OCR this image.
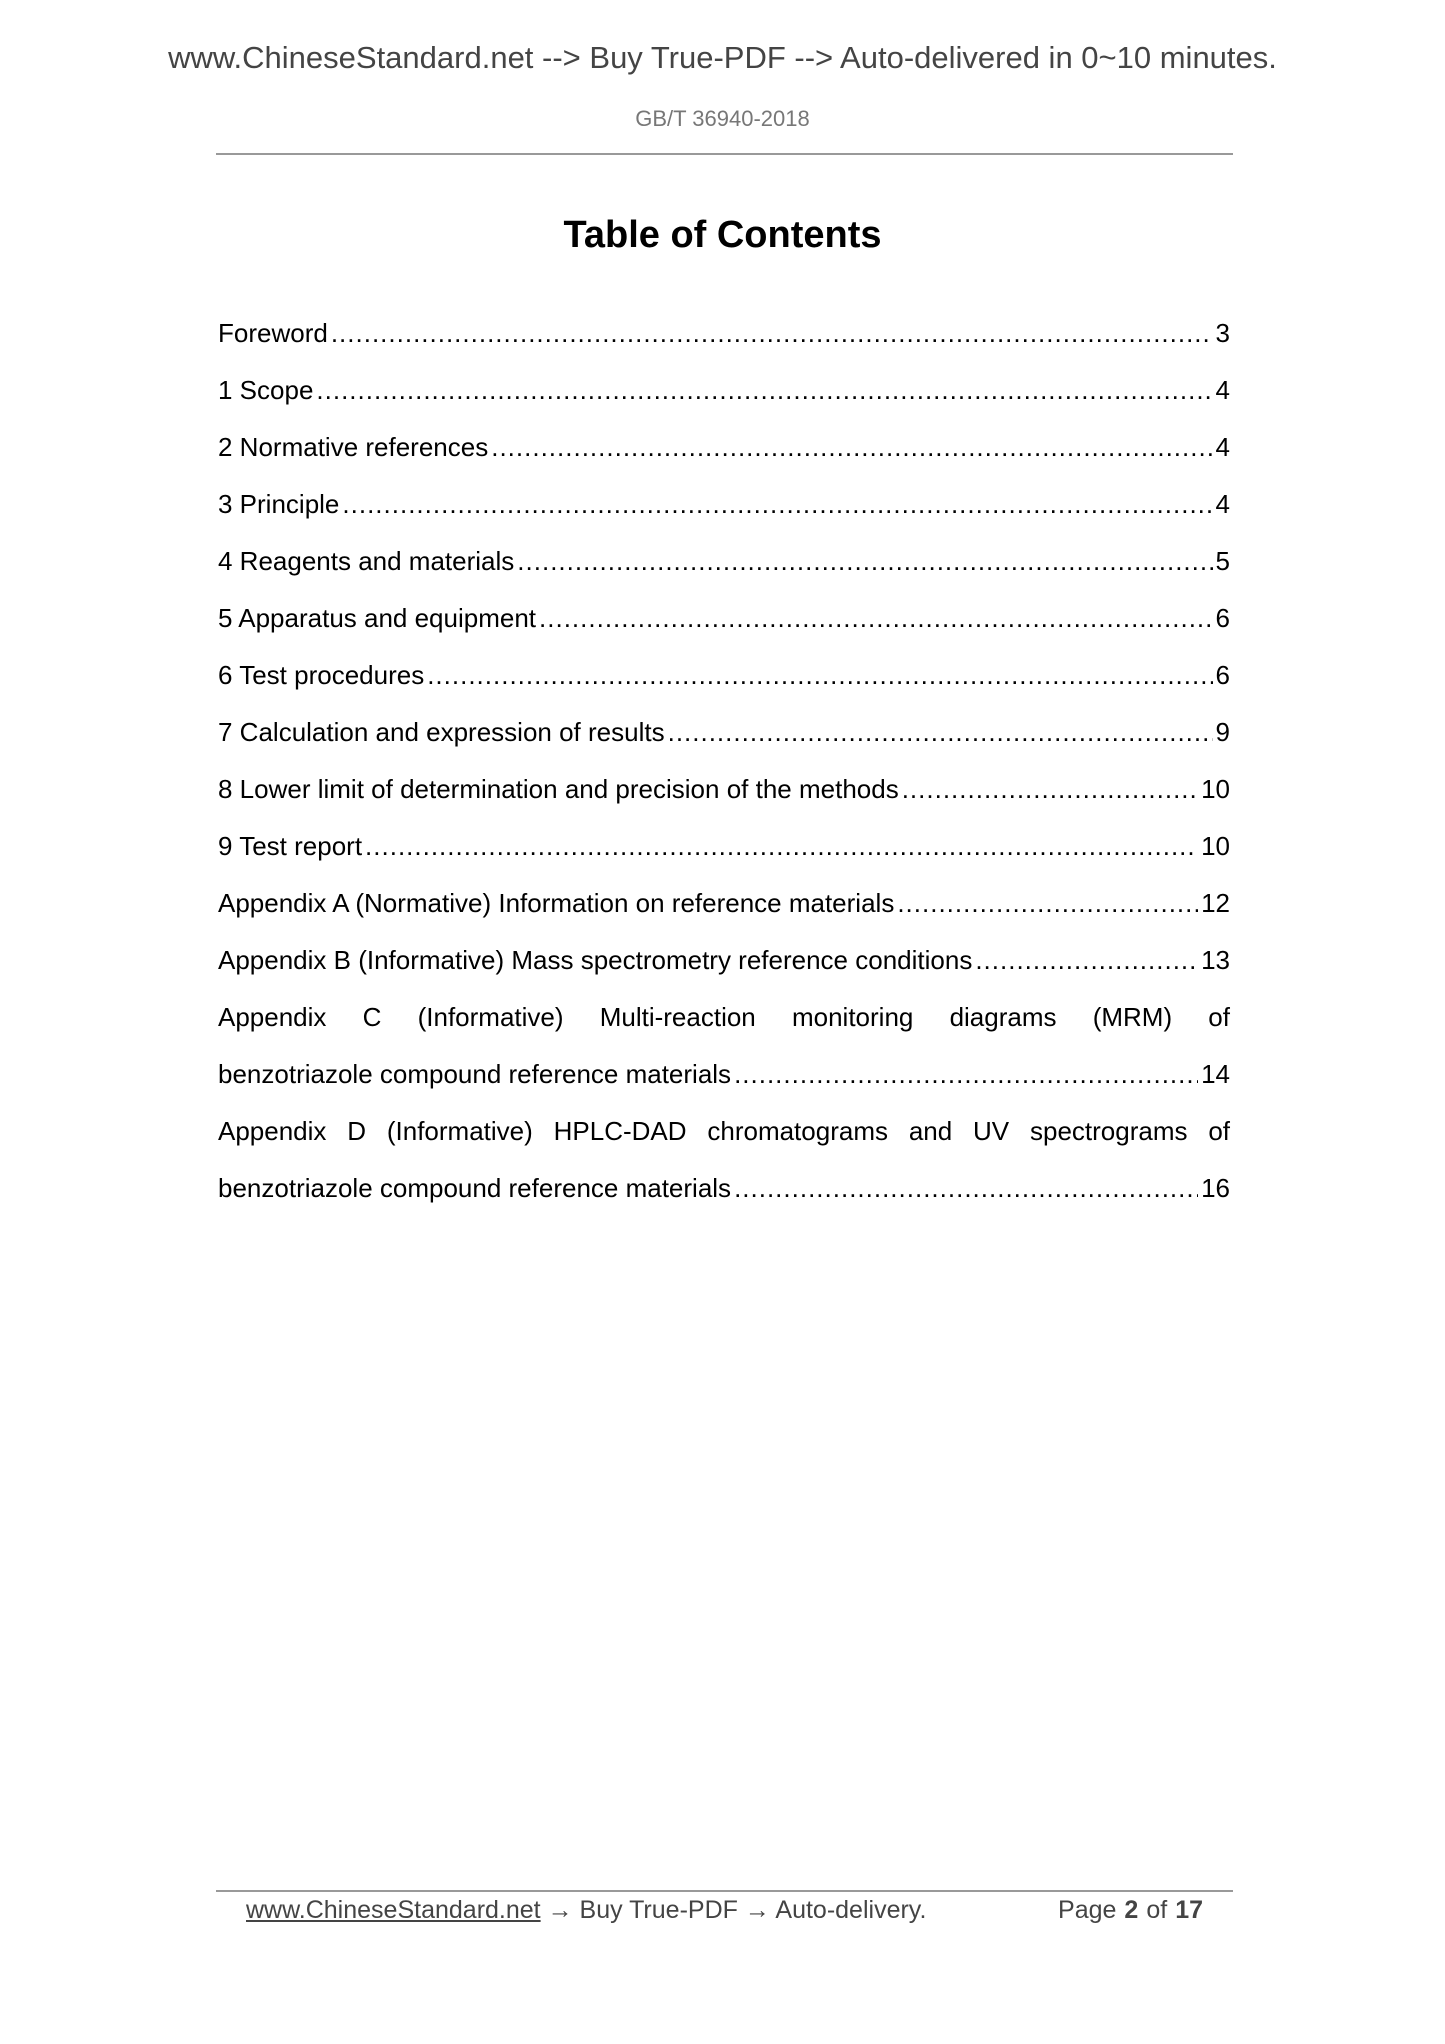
www.ChineseStandard.net --> Buy True-PDF --> Auto-delivered in 0~10 minutes.
GB/T 36940-2018
Table of Contents
Foreword .....	3
1 Scope .....	4
2 Normative references .....	4
3 Principle .....	4
4 Reagents and materials .....	5
5 Apparatus and equipment .....	6
6 Test procedures .....	6
7 Calculation and expression of results .....	9
8 Lower limit of determination and precision of the methods .....	10
9 Test report .....	10
Appendix A (Normative) Information on reference materials .....	12
Appendix B (Informative) Mass spectrometry reference conditions .....	13
Appendix C (Informative) Multi-reaction monitoring diagrams (MRM) of
benzotriazole compound reference materials .....	14
Appendix D (Informative) HPLC-DAD chromatograms and UV spectrograms of
benzotriazole compound reference materials .....	16
www.ChineseStandard.net → Buy True-PDF → Auto-delivery.	Page 2 of 17
